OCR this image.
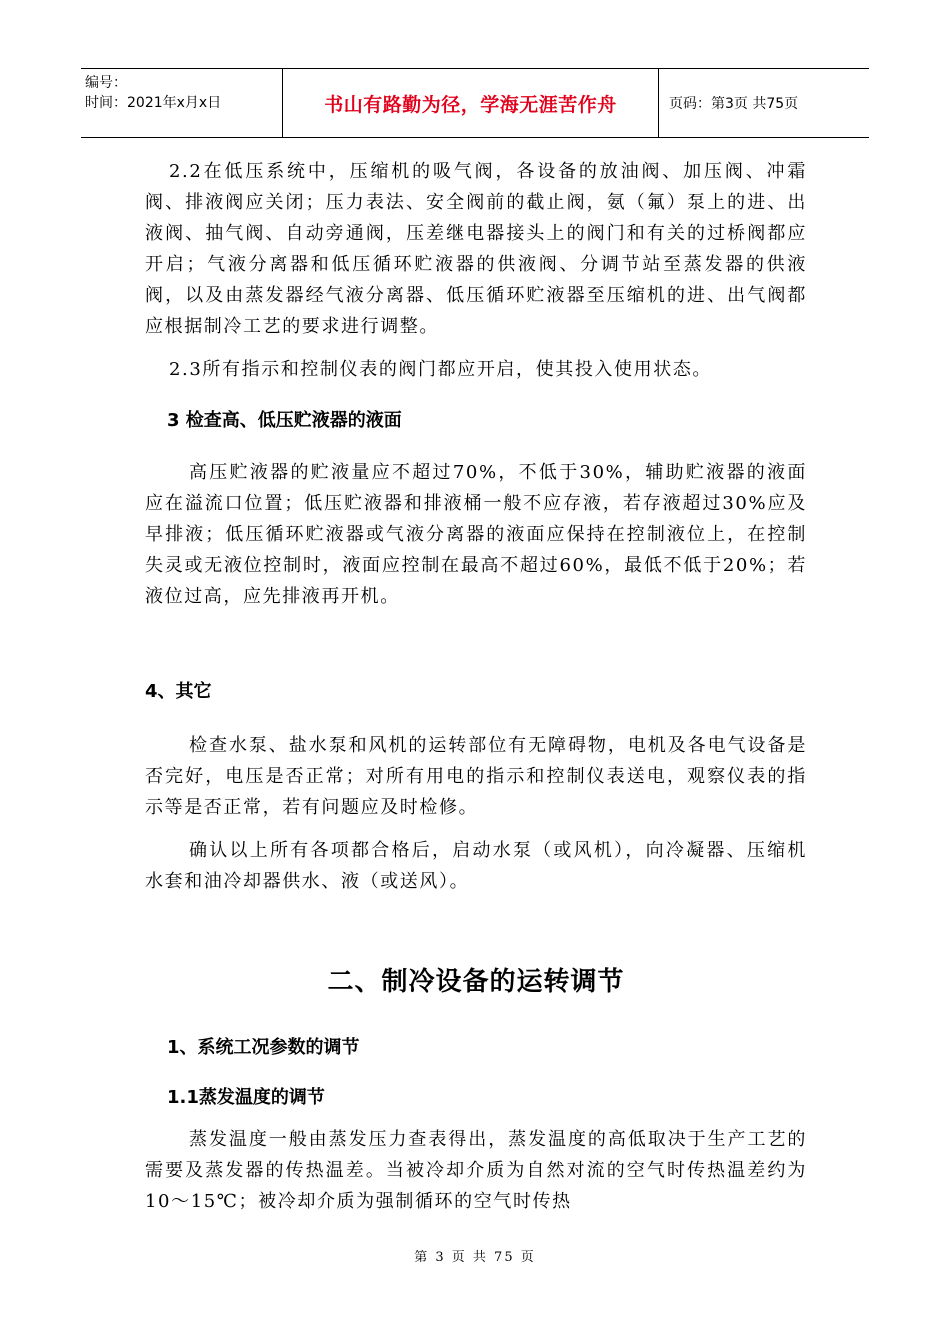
编号：
时间：2021年x月x日	书山有路勤为径，学海无涯苦作舟	页码：第3页 共75页

2.2在低压系统中，压缩机的吸气阀，各设备的放油阀、加压阀、冲霜阀、排液阀应关闭；压力表法、安全阀前的截止阀，氨（氟）泵上的进、出液阀、抽气阀、自动旁通阀，压差继电器接头上的阀门和有关的过桥阀都应开启；气液分离器和低压循环贮液器的供液阀、分调节站至蒸发器的供液阀，以及由蒸发器经气液分离器、低压循环贮液器至压缩机的进、出气阀都应根据制冷工艺的要求进行调整。

2.3所有指示和控制仪表的阀门都应开启，使其投入使用状态。

3 检查高、低压贮液器的液面

高压贮液器的贮液量应不超过70%，不低于30%，辅助贮液器的液面应在溢流口位置；低压贮液器和排液桶一般不应存液，若存液超过30%应及早排液；低压循环贮液器或气液分离器的液面应保持在控制液位上，在控制失灵或无液位控制时，液面应控制在最高不超过60%，最低不低于20%；若液位过高，应先排液再开机。

4、其它

检查水泵、盐水泵和风机的运转部位有无障碍物，电机及各电气设备是否完好，电压是否正常；对所有用电的指示和控制仪表送电，观察仪表的指示等是否正常，若有问题应及时检修。

确认以上所有各项都合格后，启动水泵（或风机），向冷凝器、压缩机水套和油冷却器供水、液（或送风）。

二、制冷设备的运转调节

1、系统工况参数的调节

1.1蒸发温度的调节

蒸发温度一般由蒸发压力查表得出，蒸发温度的高低取决于生产工艺的需要及蒸发器的传热温差。当被冷却介质为自然对流的空气时传热温差约为10～15℃；被冷却介质为强制循环的空气时传热

第 3 页 共 75 页
